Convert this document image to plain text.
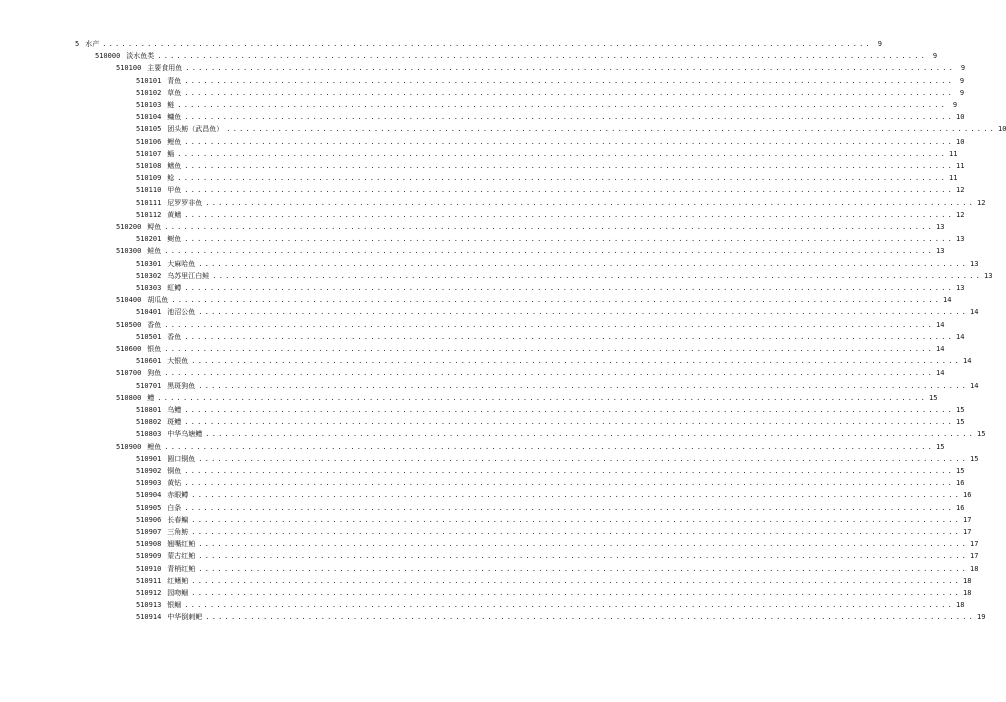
5 水产 ........................................................................................................................ 9
510000 淡水鱼类 ........................................................................................................................ 9
510100 主要食用鱼 ........................................................................................................................ 9
510101 青鱼 ........................................................................................................................ 9
510102 草鱼 ........................................................................................................................ 9
510103 鲢 ........................................................................................................................ 9
510104 鳙鱼 ........................................................................................................................ 10
510105 团头鲂（武昌鱼） ........................................................................................................................ 10
510106 鲤鱼 ........................................................................................................................ 10
510107 鲻 ........................................................................................................................ 11
510108 鳝鱼 ........................................................................................................................ 11
510109 鲶 ........................................................................................................................ 11
510110 甲鱼 ........................................................................................................................ 12
510111 尼罗罗非鱼 ........................................................................................................................ 12
510112 黄鳝 ........................................................................................................................ 12
510200 鲟鱼 ........................................................................................................................ 13
510201 鲥鱼 ........................................................................................................................ 13
510300 鲑鱼 ........................................................................................................................ 13
510301 大麻哈鱼 ........................................................................................................................ 13
510302 乌苏里江白鲑 ........................................................................................................................ 13
510303 虹鳟 ........................................................................................................................ 13
510400 胡瓜鱼 ........................................................................................................................ 14
510401 池沼公鱼 ........................................................................................................................ 14
510500 香鱼 ........................................................................................................................ 14
510501 香鱼 ........................................................................................................................ 14
510600 银鱼 ........................................................................................................................ 14
510601 大银鱼 ........................................................................................................................ 14
510700 狗鱼 ........................................................................................................................ 14
510701 黑斑狗鱼 ........................................................................................................................ 14
510800 鳢 ........................................................................................................................ 15
510801 乌鳢 ........................................................................................................................ 15
510802 斑鳢 ........................................................................................................................ 15
510803 中华乌塘鳢 ........................................................................................................................ 15
510900 鲤鱼 ........................................................................................................................ 15
510901 圆口铜鱼 ........................................................................................................................ 15
510902 铜鱼 ........................................................................................................................ 15
510903 黄钻 ........................................................................................................................ 16
510904 赤眼鳟 ........................................................................................................................ 16
510905 白条 ........................................................................................................................ 16
510906 长春鳊 ........................................................................................................................ 17
510907 三角鲂 ........................................................................................................................ 17
510908 翘嘴红鲌 ........................................................................................................................ 17
510909 蒙古红鲌 ........................................................................................................................ 17
510910 青梢红鲌 ........................................................................................................................ 18
510911 红鳍鲌 ........................................................................................................................ 18
510912 园吻鲴 ........................................................................................................................ 18
510913 银鲴 ........................................................................................................................ 18
510914 中华倒刺鲃 ........................................................................................................................ 19
